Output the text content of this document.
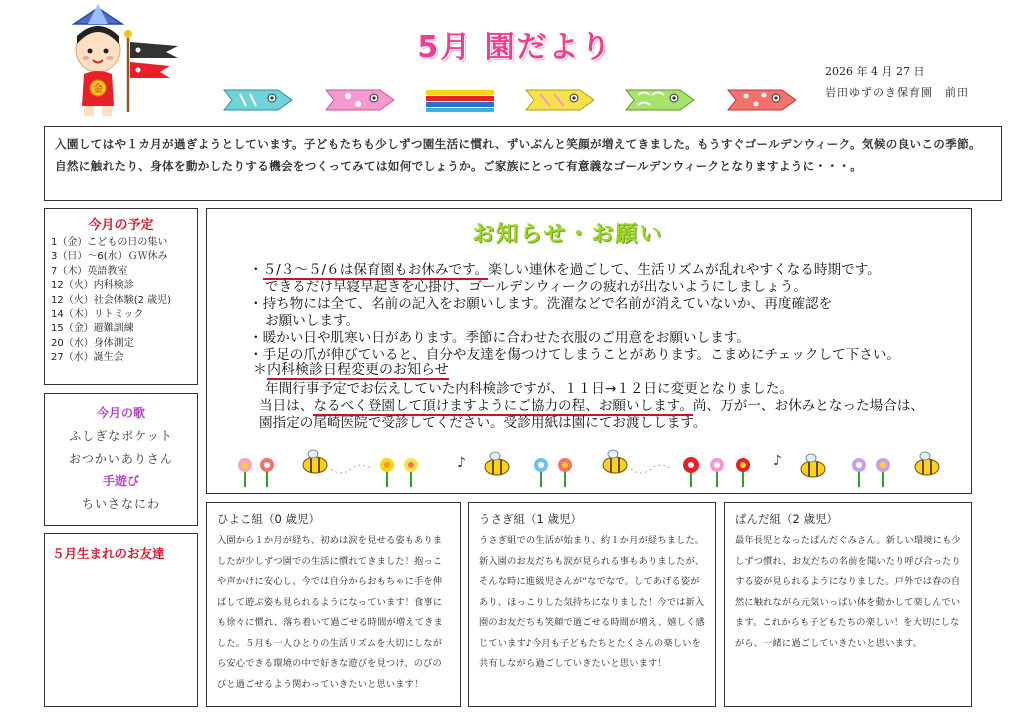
金
5月 園だより
2026 年 4 月 27 日
岩田ゆずのき保育園　前田
入園してはや１カ月が過ぎようとしています。子どもたちも少しずつ園生活に慣れ、ずいぶんと笑顔が増えてきました。もうすぐゴールデンウィーク。気候の良いこの季節。自然に触れたり、身体を動かしたりする機会をつくってみては如何でしょうか。ご家族にとって有意義なゴールデンウィークとなりますように・・・。
今月の予定
1（金）こどもの日の集い
3（日）～6(水）ＧＷ休み
7（木）英語教室
12（火）内科検診
12（火）社会体験(2 歳児)
14（木）リトミック
15（金）避難訓練
20（水）身体測定
27（水）誕生会
今月の歌
ふしぎなポケット
おつかいありさん
手遊び
ちいさなにわ
５月生まれのお友達
お知らせ・お願い
・５/３～５/６は保育園もお休みです。楽しい連休を過ごして、生活リズムが乱れやすくなる時期です。
できるだけ早寝早起きを心掛け、ゴールデンウィークの疲れが出ないようにしましょう。
・持ち物には全て、名前の記入をお願いします。洗濯などで名前が消えていないか、再度確認を
お願いします。
・暖かい日や肌寒い日があります。季節に合わせた衣服のご用意をお願いします。
・手足の爪が伸びていると、自分や友達を傷つけてしまうことがあります。こまめにチェックして下さい。
＊内科検診日程変更のお知らせ
年間行事予定でお伝えしていた内科検診ですが、１１日→１２日に変更となりました。
当日は、なるべく登園して頂けますようにご協力の程、お願いします。尚、万が一、お休みとなった場合は、
園指定の尾崎医院で受診してください。受診用紙は園にてお渡しします。
♪	♪
ひよこ組（0 歳児）

入園から１か月が経ち、初めは涙を見せる姿もありましたが少しずつ園での生活に慣れてきました！抱っこや声かけに安心し、今では自分からおもちゃに手を伸ばして遊ぶ姿も見られるようになっています！食事にも徐々に慣れ、落ち着いて過ごせる時間が増えてきました。５月も一人ひとりの生活リズムを大切にしながら安心できる環境の中で好きな遊びを見つけ、のびのびと過ごせるよう関わっていきたいと思います！

うさぎ組（1 歳児）

うさぎ組での生活が始まり、約１か月が経ちました。新入園のお友だちも涙が見られる事もありましたが、そんな時に進級児さんが“なでなで。してあげる姿があり、ほっこりした気持ちになりました！今では新入園のお友だちも笑顔で過ごせる時間が増え、嬉しく感じています♪今月も子どもたちとたくさんの楽しいを共有しながら過ごしていきたいと思います！

ぱんだ組（2 歳児）

最年長児となったぱんだぐみさん。新しい環境にも少しずつ慣れ、お友だちの名前を聞いたり呼び合ったりする姿が見られるようになりました。戸外では春の自然に触れながら元気いっぱい体を動かして楽しんでいます。これからも子どもたちの楽しい！を大切にしながら、一緒に過ごしていきたいと思います。
